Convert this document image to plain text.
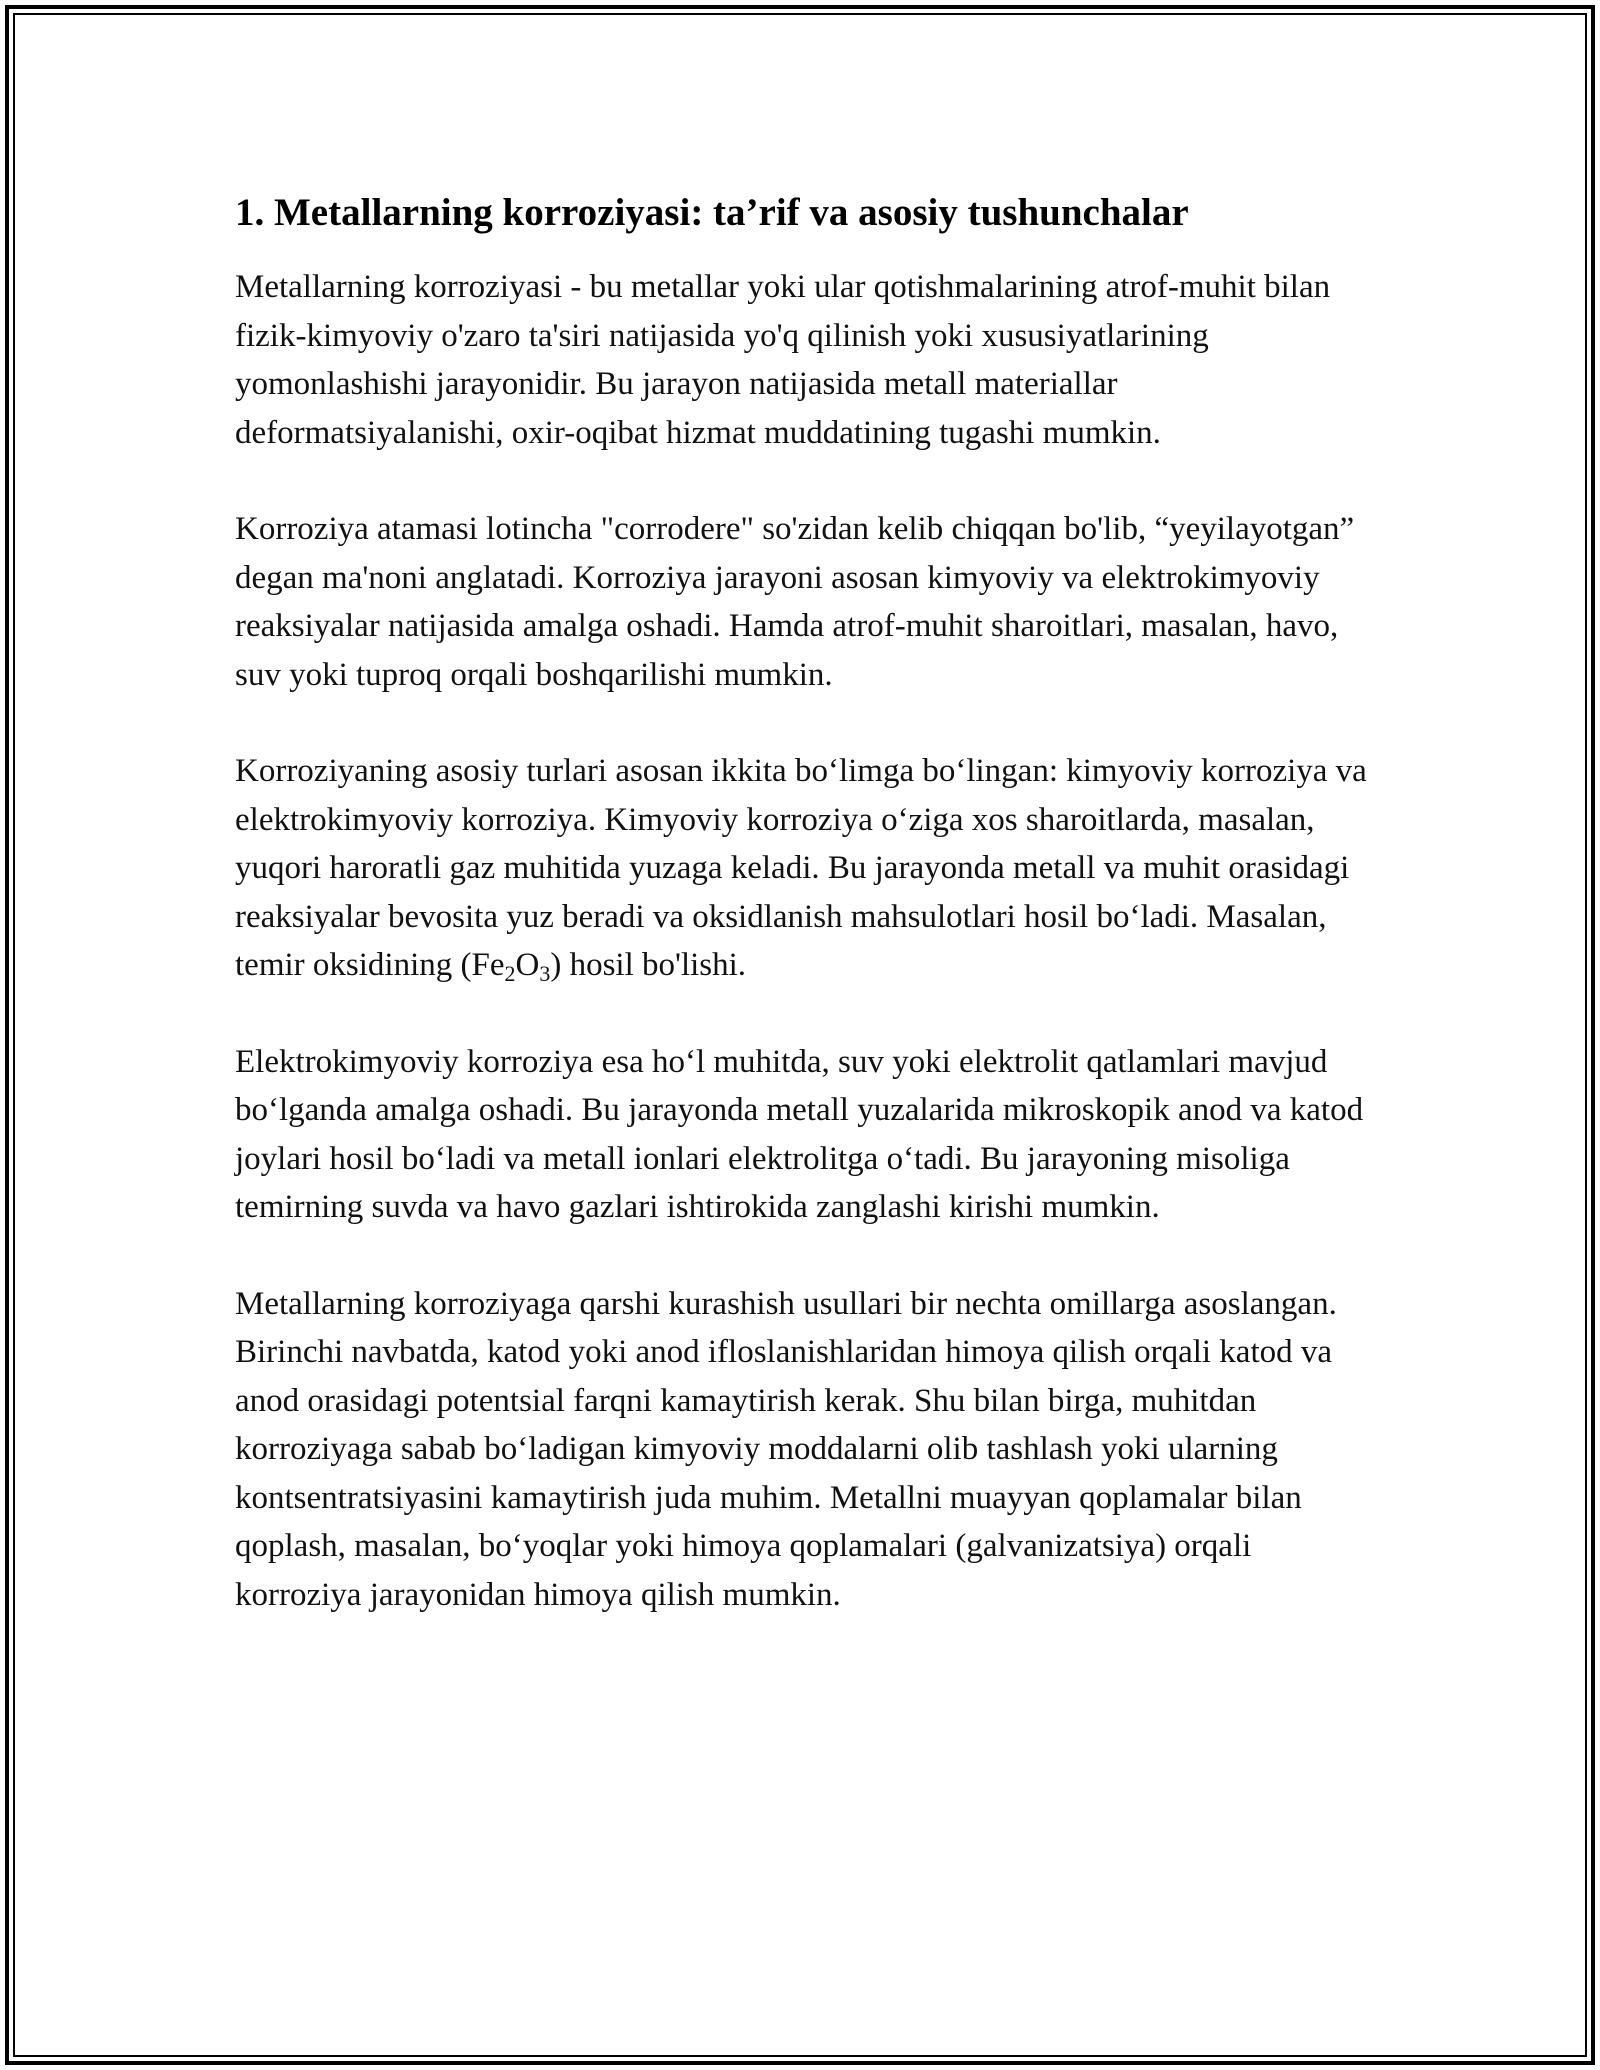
1. Metallarning korroziyasi: ta’rif va asosiy tushunchalar

Metallarning korroziyasi - bu metallar yoki ular qotishmalarining atrof-muhit bilan fizik-kimyoviy o'zaro ta'siri natijasida yo'q qilinish yoki xususiyatlarining yomonlashishi jarayonidir. Bu jarayon natijasida metall materiallar deformatsiyalanishi, oxir-oqibat hizmat muddatining tugashi mumkin.

Korroziya atamasi lotincha "corrodere" so'zidan kelib chiqqan bo'lib, “yeyilayotgan” degan ma'noni anglatadi. Korroziya jarayoni asosan kimyoviy va elektrokimyoviy reaksiyalar natijasida amalga oshadi. Hamda atrof-muhit sharoitlari, masalan, havo, suv yoki tuproq orqali boshqarilishi mumkin.

Korroziyaning asosiy turlari asosan ikkita bo‘limga bo‘lingan: kimyoviy korroziya va elektrokimyoviy korroziya. Kimyoviy korroziya o‘ziga xos sharoitlarda, masalan, yuqori haroratli gaz muhitida yuzaga keladi. Bu jarayonda metall va muhit orasidagi reaksiyalar bevosita yuz beradi va oksidlanish mahsulotlari hosil bo‘ladi. Masalan, temir oksidining $(Fe_2O_3)$ hosil bo'lishi.

Elektrokimyoviy korroziya esa ho‘l muhitda, suv yoki elektrolit qatlamlari mavjud bo‘lganda amalga oshadi. Bu jarayonda metall yuzalarida mikroskopik anod va katod joylari hosil bo‘ladi va metall ionlari elektrolitga o‘tadi. Bu jarayoning misoliga temirning suvda va havo gazlari ishtirokida zanglashi kirishi mumkin.

Metallarning korroziyaga qarshi kurashish usullari bir nechta omillarga asoslangan. Birinchi navbatda, katod yoki anod ifloslanishlaridan himoya qilish orqali katod va anod orasidagi potentsial farqni kamaytirish kerak. Shu bilan birga, muhitdan korroziyaga sabab bo‘ladigan kimyoviy moddalarni olib tashlash yoki ularning kontsentratsiyasini kamaytirish juda muhim. Metallni muayyan qoplamalar bilan qoplash, masalan, bo‘yoqlar yoki himoya qoplamalari (galvanizatsiya) orqali korroziya jarayonidan himoya qilish mumkin.
